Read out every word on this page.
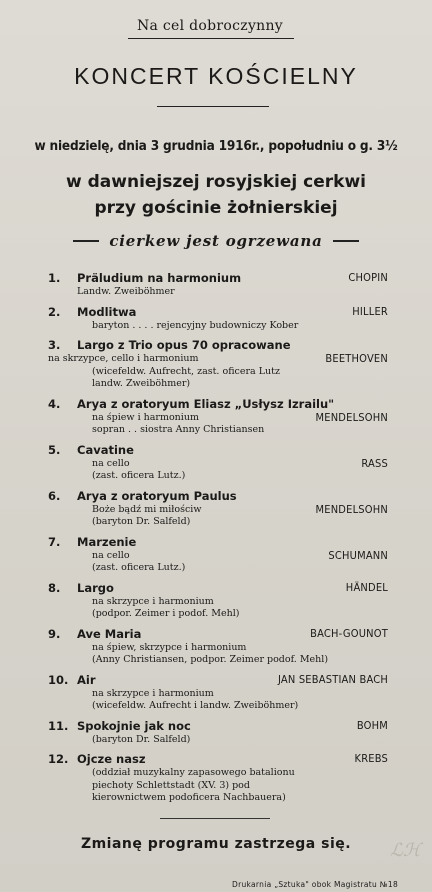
Na cel dobroczynny
KONCERT KOŚCIELNY
w niedzielę, dnia 3 grudnia 1916r., popołudniu o g. 3½
w dawniejszej rosyjskiej cerkwi
przy gościnie żołnierskiej
cierkew jest ogrzewana
1.	Präludium na harmonium	CHOPIN
Landw. Zweiböhmer
2.	Modlitwa	HILLER
baryton . . . . rejencyjny budowniczy Kober
3.	Largo z Trio opus 70 opracowane
na skrzypce, cello i harmonium	BEETHOVEN
(wicefeldw. Aufrecht, zast. oficera Lutz
landw. Zweiböhmer)
4.	Arya z oratoryum Eliasz „Usłysz Izrailu"
na śpiew i harmonium	MENDELSOHN
sopran . . siostra Anny Christiansen
5.	Cavatine
na cello	RASS
(zast. oficera Lutz.)
6.	Arya z oratoryum Paulus
Boże bądź mi miłościw	MENDELSOHN
(baryton Dr. Salfeld)
7.	Marzenie
na cello	SCHUMANN
(zast. oficera Lutz.)
8.	Largo	HÄNDEL
na skrzypce i harmonium
(podpor. Zeimer i podof. Mehl)
9.	Ave Maria	BACH-GOUNOT
na śpiew, skrzypce i harmonium
(Anny Christiansen, podpor. Zeimer podof. Mehl)
10. Air	JAN SEBASTIAN BACH
na skrzypce i harmonium
(wicefeldw. Aufrecht i landw. Zweiböhmer)
11. Spokojnie jak noc	BOHM
(baryton Dr. Salfeld)
12. Ojcze nasz	KREBS
(oddział muzykalny zapasowego batalionu
piechoty Schlettstadt (XV. 3) pod
kierownictwem podoficera Nachbauera)
Zmianę programu zastrzega się.
Drukarnia „Sztuka" obok Magistratu №18
ℒℋ
